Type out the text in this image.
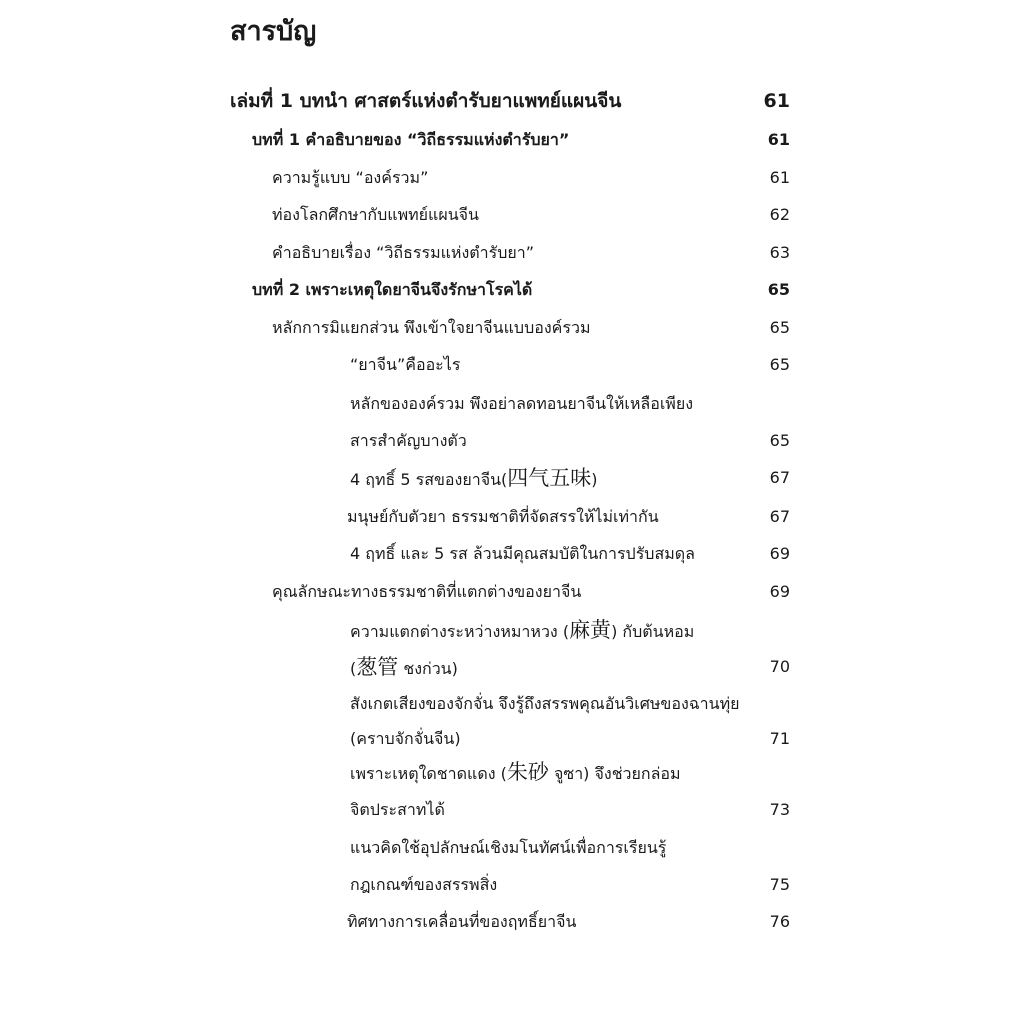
สารบัญ
เล่มที่ 1 บทนำ ศาสตร์แห่งตำรับยาแพทย์แผนจีน	61
บทที่ 1 คำอธิบายของ “วิถีธรรมแห่งตำรับยา”	61
ความรู้แบบ “องค์รวม”	61
ท่องโลกศึกษากับแพทย์แผนจีน	62
คำอธิบายเรื่อง “วิถีธรรมแห่งตำรับยา”	63
บทที่ 2 เพราะเหตุใดยาจีนจึงรักษาโรคได้	65
หลักการมิแยกส่วน พึงเข้าใจยาจีนแบบองค์รวม	65
“ยาจีน”คืออะไร	65
หลักขององค์รวม พึงอย่าลดทอนยาจีนให้เหลือเพียง
สารสำคัญบางตัว	65
4 ฤทธิ์ 5 รสของยาจีน(四气五味)	67
มนุษย์กับตัวยา ธรรมชาติที่จัดสรรให้ไม่เท่ากัน	67
4 ฤทธิ์ และ 5 รส ล้วนมีคุณสมบัติในการปรับสมดุล	69
คุณลักษณะทางธรรมชาติที่แตกต่างของยาจีน	69
ความแตกต่างระหว่างหมาหวง (麻黄) กับต้นหอม
(葱管 ชงก่วน)	70
สังเกตเสียงของจักจั่น จึงรู้ถึงสรรพคุณอันวิเศษของฉานทุ่ย
(คราบจักจั่นจีน)	71
เพราะเหตุใดชาดแดง (朱砂 จูซา) จึงช่วยกล่อม
จิตประสาทได้	73
แนวคิดใช้อุปลักษณ์เชิงมโนทัศน์เพื่อการเรียนรู้
กฎเกณฑ์ของสรรพสิ่ง	75
ทิศทางการเคลื่อนที่ของฤทธิ์ยาจีน	76
